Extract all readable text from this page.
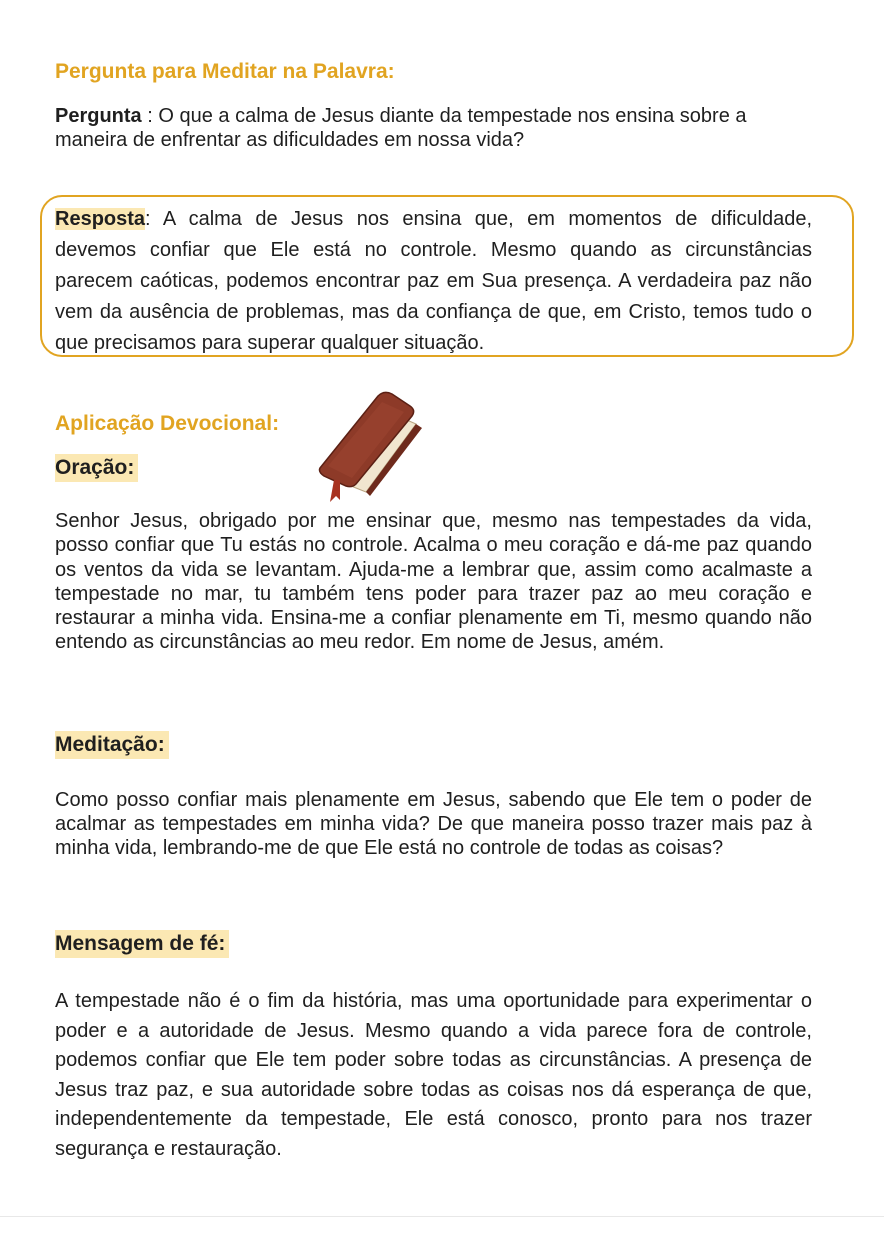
Pergunta para Meditar na Palavra:

Pergunta : O que a calma de Jesus diante da tempestade nos ensina sobre a maneira de enfrentar as dificuldades em nossa vida?

Resposta: A calma de Jesus nos ensina que, em momentos de dificuldade, devemos confiar que Ele está no controle. Mesmo quando as circunstâncias parecem caóticas, podemos encontrar paz em Sua presença. A verdadeira paz não vem da ausência de problemas, mas da confiança de que, em Cristo, temos tudo o que precisamos para superar qualquer situação.

Aplicação Devocional:
Oração:

Senhor Jesus, obrigado por me ensinar que, mesmo nas tempestades da vida, posso confiar que Tu estás no controle. Acalma o meu coração e dá-me paz quando os ventos da vida se levantam. Ajuda-me a lembrar que, assim como acalmaste a tempestade no mar, tu também tens poder para trazer paz ao meu coração e restaurar a minha vida. Ensina-me a confiar plenamente em Ti, mesmo quando não entendo as circunstâncias ao meu redor. Em nome de Jesus, amém.

Meditação:

Como posso confiar mais plenamente em Jesus, sabendo que Ele tem o poder de acalmar as tempestades em minha vida? De que maneira posso trazer mais paz à minha vida, lembrando-me de que Ele está no controle de todas as coisas?

Mensagem de fé:

A tempestade não é o fim da história, mas uma oportunidade para experimentar o poder e a autoridade de Jesus. Mesmo quando a vida parece fora de controle, podemos confiar que Ele tem poder sobre todas as circunstâncias. A presença de Jesus traz paz, e sua autoridade sobre todas as coisas nos dá esperança de que, independentemente da tempestade, Ele está conosco, pronto para nos trazer segurança e restauração.
